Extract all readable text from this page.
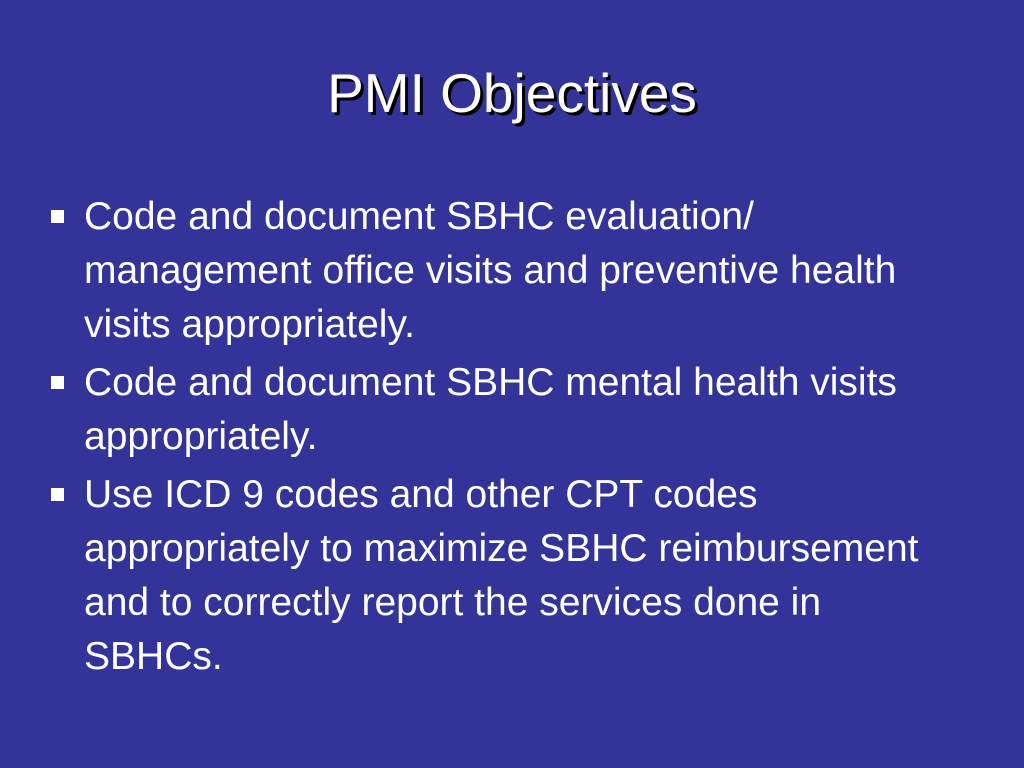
PMI Objectives
Code and document SBHC evaluation/ management office visits and preventive health visits appropriately.
Code and document SBHC mental health visits appropriately.
Use ICD 9 codes and other CPT codes appropriately to maximize SBHC reimbursement and to correctly report the services done in SBHCs.
